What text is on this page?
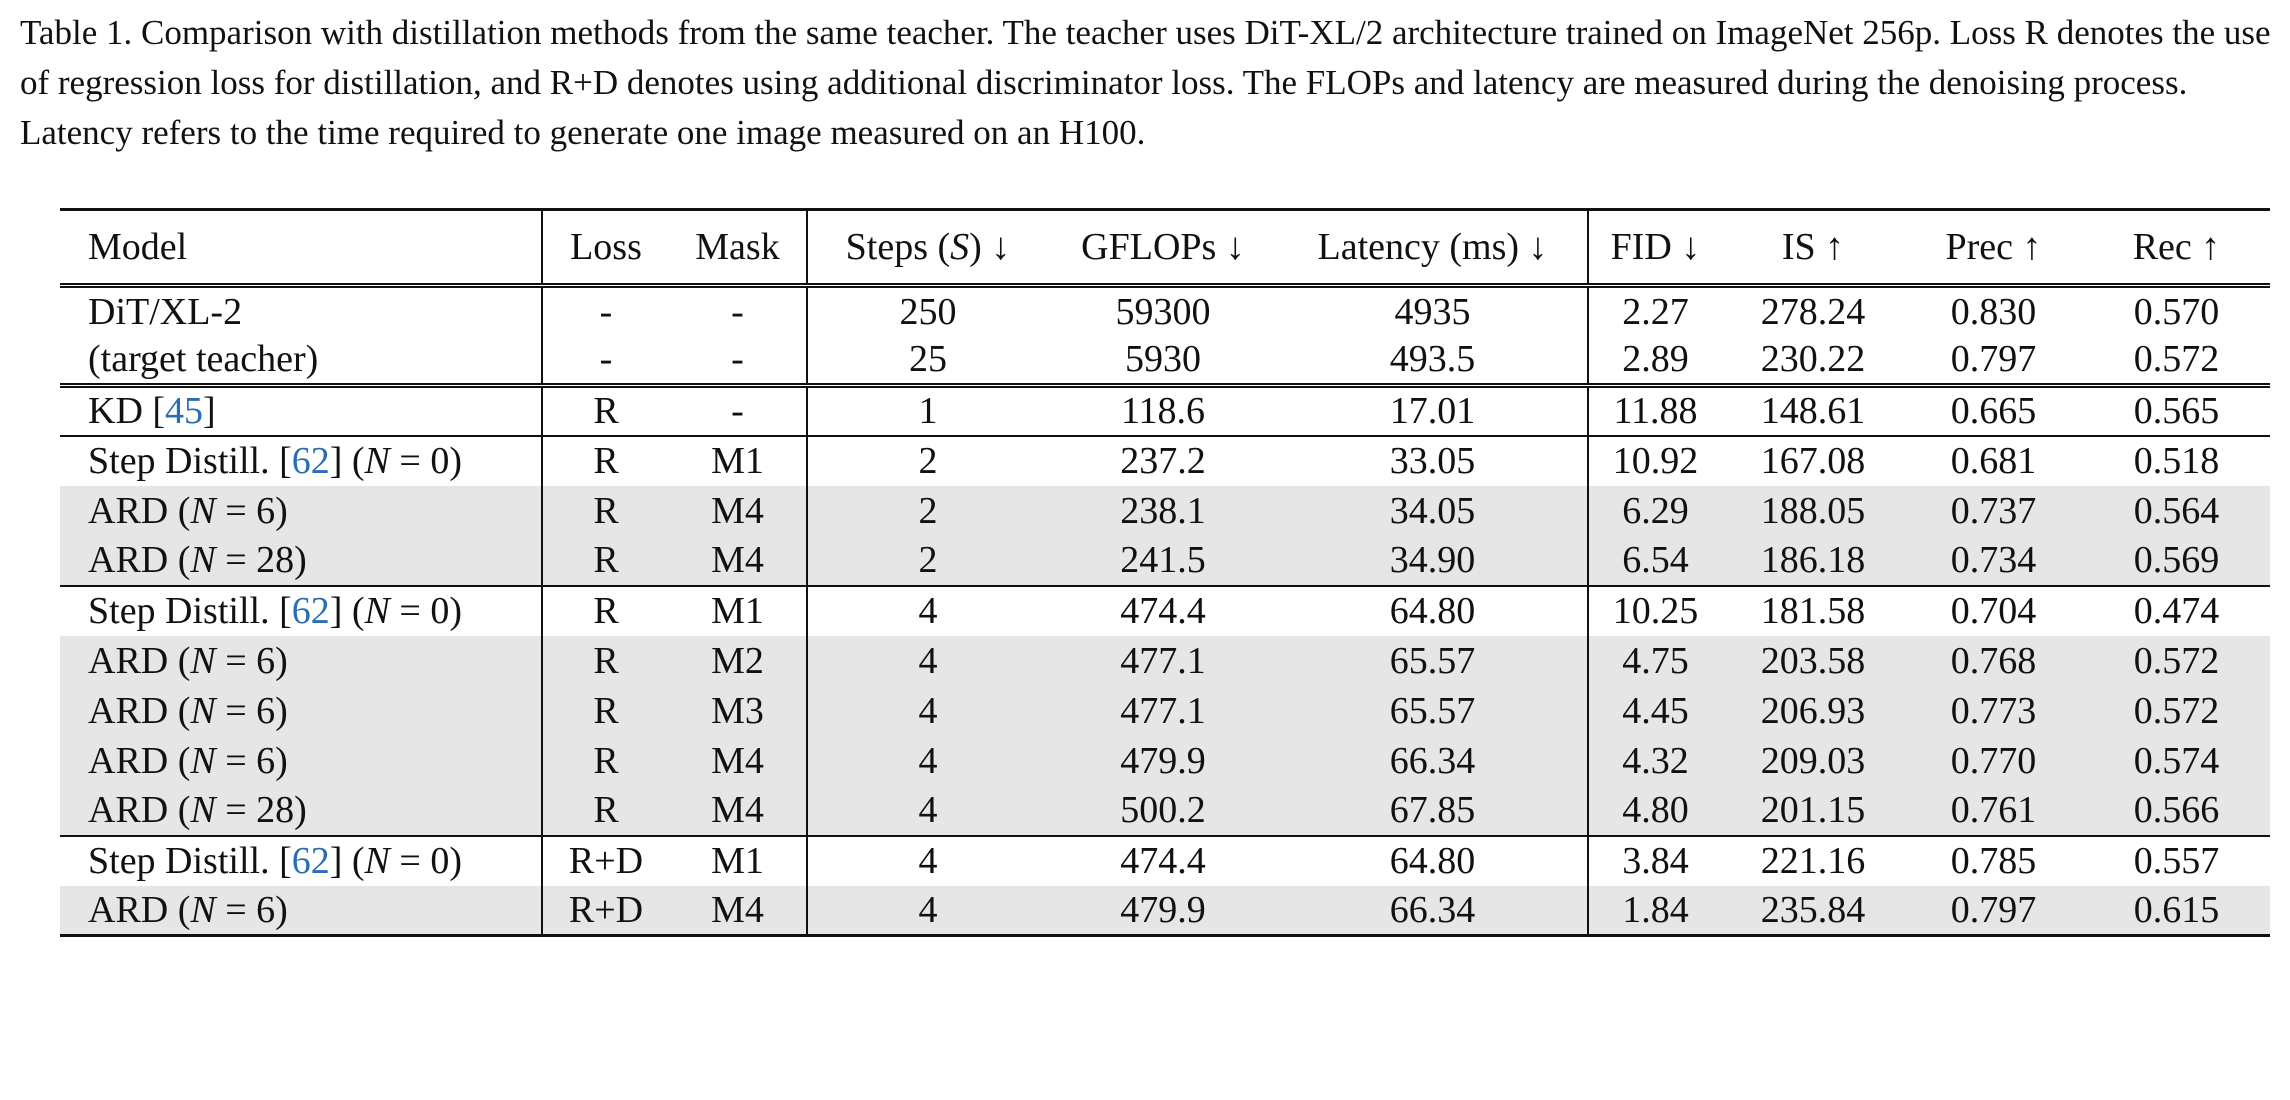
Table 1. Comparison with distillation methods from the same teacher. The teacher uses DiT-XL/2 architecture trained on ImageNet 256p. Loss R denotes the use of regression loss for distillation, and R+D denotes using additional discriminator loss. The FLOPs and latency are measured during the denoising process. Latency refers to the time required to generate one image measured on an H100.

Model	Loss	Mask	Steps (S) ↓	GFLOPs ↓	Latency (ms) ↓	FID ↓	IS ↑	Prec ↑	Rec ↑
DiT/XL-2	-	-	250	59300	4935	2.27	278.24	0.830	0.570
(target teacher)	-	-	25	5930	493.5	2.89	230.22	0.797	0.572
KD [45]	R	-	1	118.6	17.01	11.88	148.61	0.665	0.565
Step Distill. [62] (N = 0)	R	M1	2	237.2	33.05	10.92	167.08	0.681	0.518
ARD (N = 6)	R	M4	2	238.1	34.05	6.29	188.05	0.737	0.564
ARD (N = 28)	R	M4	2	241.5	34.90	6.54	186.18	0.734	0.569
Step Distill. [62] (N = 0)	R	M1	4	474.4	64.80	10.25	181.58	0.704	0.474
ARD (N = 6)	R	M2	4	477.1	65.57	4.75	203.58	0.768	0.572
ARD (N = 6)	R	M3	4	477.1	65.57	4.45	206.93	0.773	0.572
ARD (N = 6)	R	M4	4	479.9	66.34	4.32	209.03	0.770	0.574
ARD (N = 28)	R	M4	4	500.2	67.85	4.80	201.15	0.761	0.566
Step Distill. [62] (N = 0)	R+D	M1	4	474.4	64.80	3.84	221.16	0.785	0.557
ARD (N = 6)	R+D	M4	4	479.9	66.34	1.84	235.84	0.797	0.615
